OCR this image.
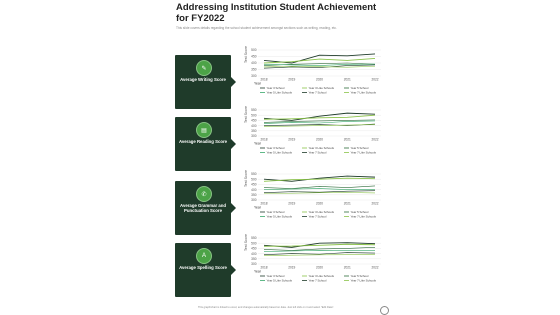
Addressing Institution Student Achievement for FY2022
This slide covers details regarding the school student achievement amongst sections such as writing, reading, etc.
✎
Average Writing Score
Test Score
300
350
400
450
500
2018	2019	2020	2021	2022
Year
Year 3 School	Year 3 Like Schools	Year 5 School
Year 5 Like Schools	Year 7 School	Year 7 Like Schools
▤
Average Reading Score
Test Score
300
350
400
450
500
550
2018	2019	2020	2021	2022
Year
Year 3 School	Year 3 Like Schools	Year 5 School
Year 5 Like Schools	Year 7 School	Year 7 Like Schools
✆
Average Grammar and Punctuation Score
Test Score
300
350
400
450
500
550
2018	2019	2020	2021	2022
Year
Year 3 School	Year 3 Like Schools	Year 5 School
Year 5 Like Schools	Year 7 School	Year 7 Like Schools
A
Average Spelling Score
Test Score
300
350
400
450
500
550
2018	2019	2020	2021	2022
Year
Year 3 School	Year 3 Like Schools	Year 5 School
Year 5 Like Schools	Year 7 School	Year 7 Like Schools
This graph/chart is linked to excel, and changes automatically based on data. Just left click on it and select "Edit Data".
